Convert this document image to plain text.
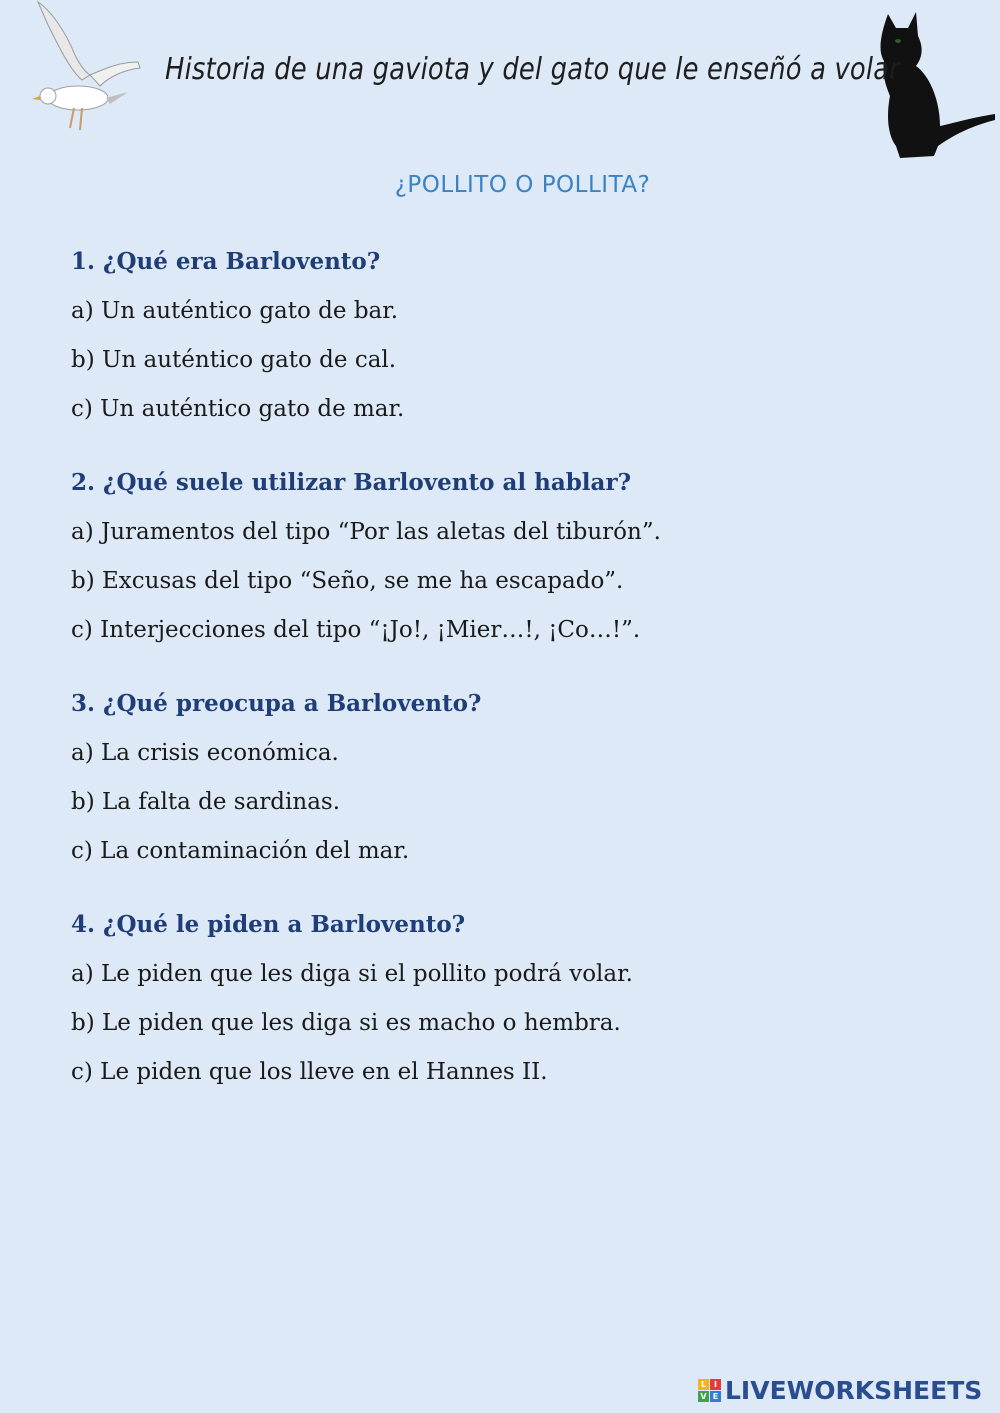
Historia de una gaviota y del gato que le enseñó a volar
¿POLLITO O POLLITA?
1. ¿Qué era Barlovento?
a) Un auténtico gato de bar.
b) Un auténtico gato de cal.
c) Un auténtico gato de mar.
2. ¿Qué suele utilizar Barlovento al hablar?
a) Juramentos del tipo “Por las aletas del tiburón”.
b) Excusas del tipo “Seño, se me ha escapado”.
c) Interjecciones del tipo “¡Jo!, ¡Mier…!, ¡Co…!”.
3. ¿Qué preocupa a Barlovento?
a) La crisis económica.
b) La falta de sardinas.
c) La contaminación del mar.
4. ¿Qué le piden a Barlovento?
a) Le piden que les diga si el pollito podrá volar.
b) Le piden que les diga si es macho o hembra.
c) Le piden que los lleve en el Hannes II.
L I
V E LIVEWORKSHEETS
